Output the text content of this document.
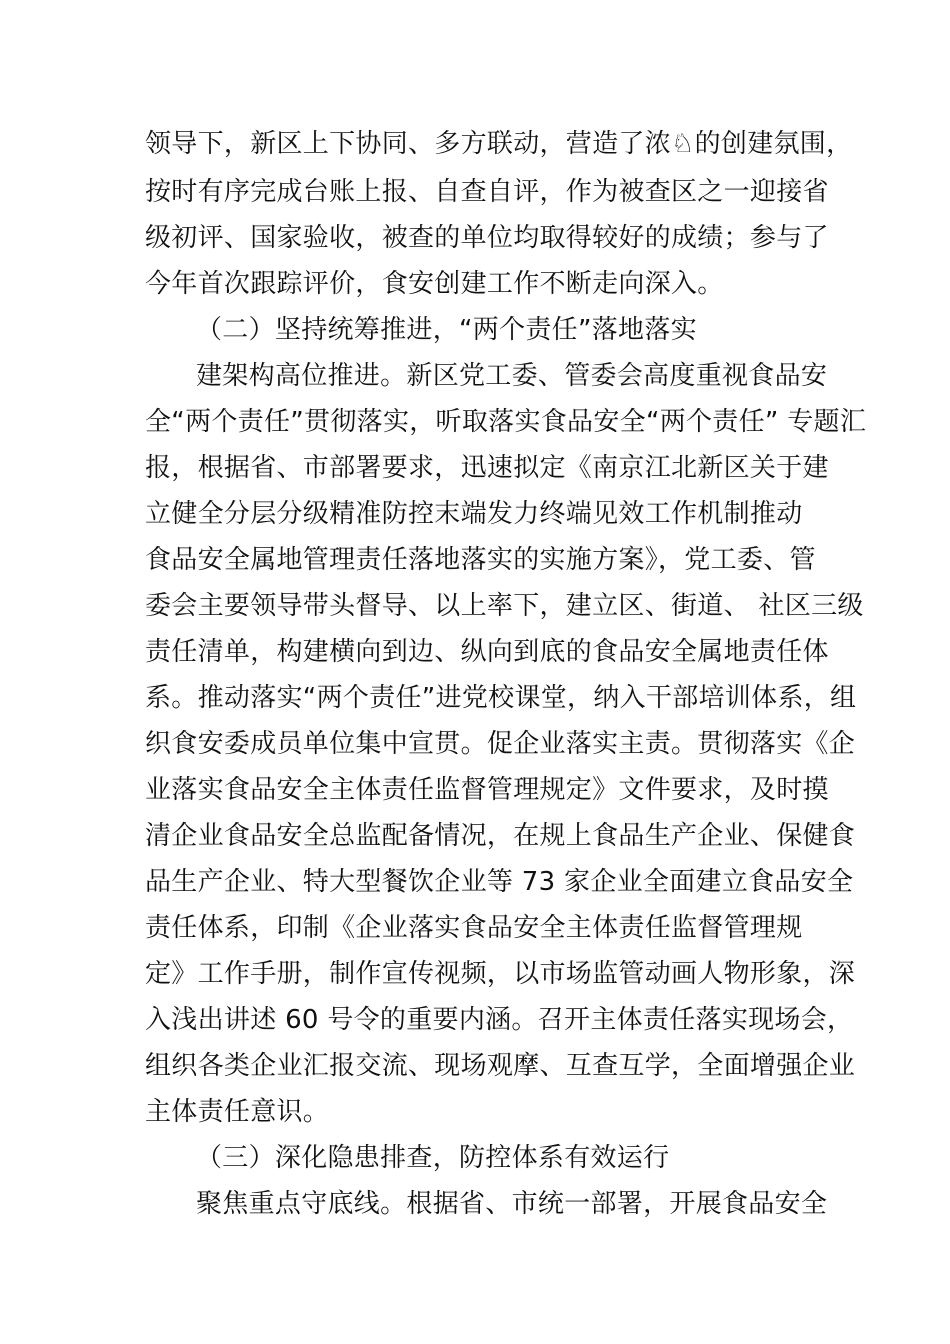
领导下，新区上下协同、多方联动，营造了浓♘的创建氛围，
按时有序完成台账上报、自查自评，作为被查区之一迎接省
级初评、国家验收，被查的单位均取得较好的成绩；参与了
今年首次跟踪评价，食安创建工作不断走向深入。
（二）坚持统筹推进，“两个责任”落地落实
建架构高位推进。新区党工委、管委会高度重视食品安
全“两个责任”贯彻落实，听取落实食品安全“两个责任” 专题汇
报，根据省、市部署要求，迅速拟定《南京江北新区关于建
立健全分层分级精准防控末端发力终端见效工作机制推动
食品安全属地管理责任落地落实的实施方案》，党工委、管
委会主要领导带头督导、以上率下，建立区、街道、 社区三级
责任清单，构建横向到边、纵向到底的食品安全属地责任体
系。推动落实“两个责任”进党校课堂，纳入干部培训体系，组
织食安委成员单位集中宣贯。促企业落实主责。贯彻落实《企
业落实食品安全主体责任监督管理规定》文件要求，及时摸
清企业食品安全总监配备情况，在规上食品生产企业、保健食
品生产企业、特大型餐饮企业等 73 家企业全面建立食品安全
责任体系，印制《企业落实食品安全主体责任监督管理规
定》工作手册，制作宣传视频，以市场监管动画人物形象，深
入浅出讲述 60 号令的重要内涵。召开主体责任落实现场会，
组织各类企业汇报交流、现场观摩、互查互学，全面增强企业
主体责任意识。
（三）深化隐患排查，防控体系有效运行
聚焦重点守底线。根据省、市统一部署，开展食品安全
